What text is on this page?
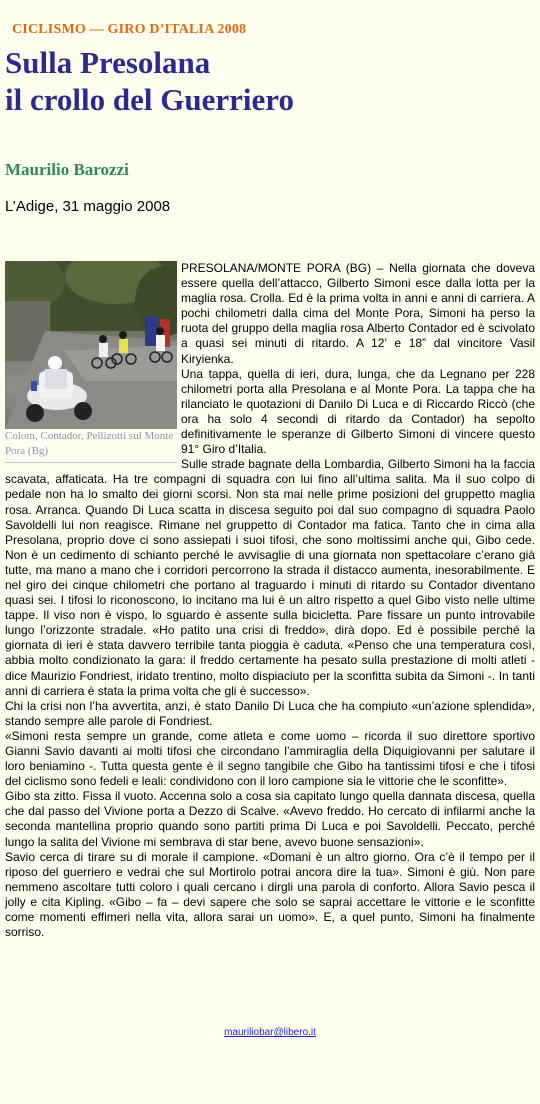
CICLISMO — GIRO D’ITALIA 2008
Sulla Presolana
il crollo del Guerriero
Maurilio Barozzi

L’Adige, 31 maggio 2008

Colom, Contador, Pellizotti sul Monte Pora (Bg)

PRESOLANA/MONTE PORA (BG) – Nella giornata che doveva essere quella dell’attacco, Gilberto Simoni esce dalla lotta per la maglia rosa. Crolla. Ed è la prima volta in anni e anni di carriera. A pochi chilometri dalla cima del Monte Pora, Simoni ha perso la ruota del gruppo della maglia rosa Alberto Contador ed è scivolato a quasi sei minuti di ritardo. A 12’ e 18” dal vincitore Vasil Kiryienka.

Una tappa, quella di ieri, dura, lunga, che da Legnano per 228 chilometri porta alla Presolana e al Monte Pora. La tappa che ha rilanciato le quotazioni di Danilo Di Luca e di Riccardo Riccò (che ora ha solo 4 secondi di ritardo da Contador) ha sepolto definitivamente le speranze di Gilberto Simoni di vincere questo 91° Giro d’Italia.

Sulle strade bagnate della Lombardia, Gilberto Simoni ha la faccia scavata, affaticata. Ha tre compagni di squadra con lui fino all’ultima salita. Ma il suo colpo di pedale non ha lo smalto dei giorni scorsi. Non sta mai nelle prime posizioni del gruppetto maglia rosa. Arranca. Quando Di Luca scatta in discesa seguito poi dal suo compagno di squadra Paolo Savoldelli lui non reagisce. Rimane nel gruppetto di Contador ma fatica. Tanto che in cima alla Presolana, proprio dove ci sono assiepati i suoi tifosi, che sono moltissimi anche qui, Gibo cede. Non è un cedimento di schianto perché le avvisaglie di una giornata non spettacolare c’erano già tutte, ma mano a mano che i corridori percorrono la strada il distacco aumenta, inesorabilmente. E nel giro dei cinque chilometri che portano al traguardo i minuti di ritardo su Contador diventano quasi sei. I tifosi lo riconoscono, lo incitano ma lui è un altro rispetto a quel Gibo visto nelle ultime tappe. Il viso non è vispo, lo sguardo è assente sulla bicicletta. Pare fissare un punto introvabile lungo l’orizzonte stradale. «Ho patito una crisi di freddo», dirà dopo. Ed è possibile perché la giornata di ieri è stata davvero terribile tanta pioggia è caduta. «Penso che una temperatura così, abbia molto condizionato la gara: il freddo certamente ha pesato sulla prestazione di molti atleti - dice Maurizio Fondriest, iridato trentino, molto dispiaciuto per la sconfitta subita da Simoni -. In tanti anni di carriera è stata la prima volta che gli è successo».

Chi la crisi non l’ha avvertita, anzi, è stato Danilo Di Luca che ha compiuto «un’azione splendida», stando sempre alle parole di Fondriest.

«Simoni resta sempre un grande, come atleta e come uomo – ricorda il suo direttore sportivo Gianni Savio davanti ai molti tifosi che circondano l’ammiraglia della Diquigiovanni per salutare il loro beniamino -. Tutta questa gente è il segno tangibile che Gibo ha tantissimi tifosi e che i tifosi del ciclismo sono fedeli e leali: condividono con il loro campione sia le vittorie che le sconfitte».

Gibo sta zitto. Fissa il vuoto. Accenna solo a cosa sia capitato lungo quella dannata discesa, quella che dal passo del Vivione porta a Dezzo di Scalve. «Avevo freddo. Ho cercato di infilarmi anche la seconda mantellina proprio quando sono partiti prima Di Luca e poi Savoldelli. Peccato, perché lungo la salita del Vivione mi sembrava di star bene, avevo buone sensazioni».

Savio cerca di tirare su di morale il campione. «Domani è un altro giorno. Ora c’è il tempo per il riposo del guerriero e vedrai che sul Mortirolo potrai ancora dire la tua». Simoni è giù. Non pare nemmeno ascoltare tutti coloro i quali cercano i dirgli una parola di conforto. Allora Savio pesca il jolly e cita Kipling. «Gibo – fa – devi sapere che solo se saprai accettare le vittorie e le sconfitte come momenti effimeri nella vita, allora sarai un uomo». E, a quel punto, Simoni ha finalmente sorriso.

mauriliobar@libero.it
